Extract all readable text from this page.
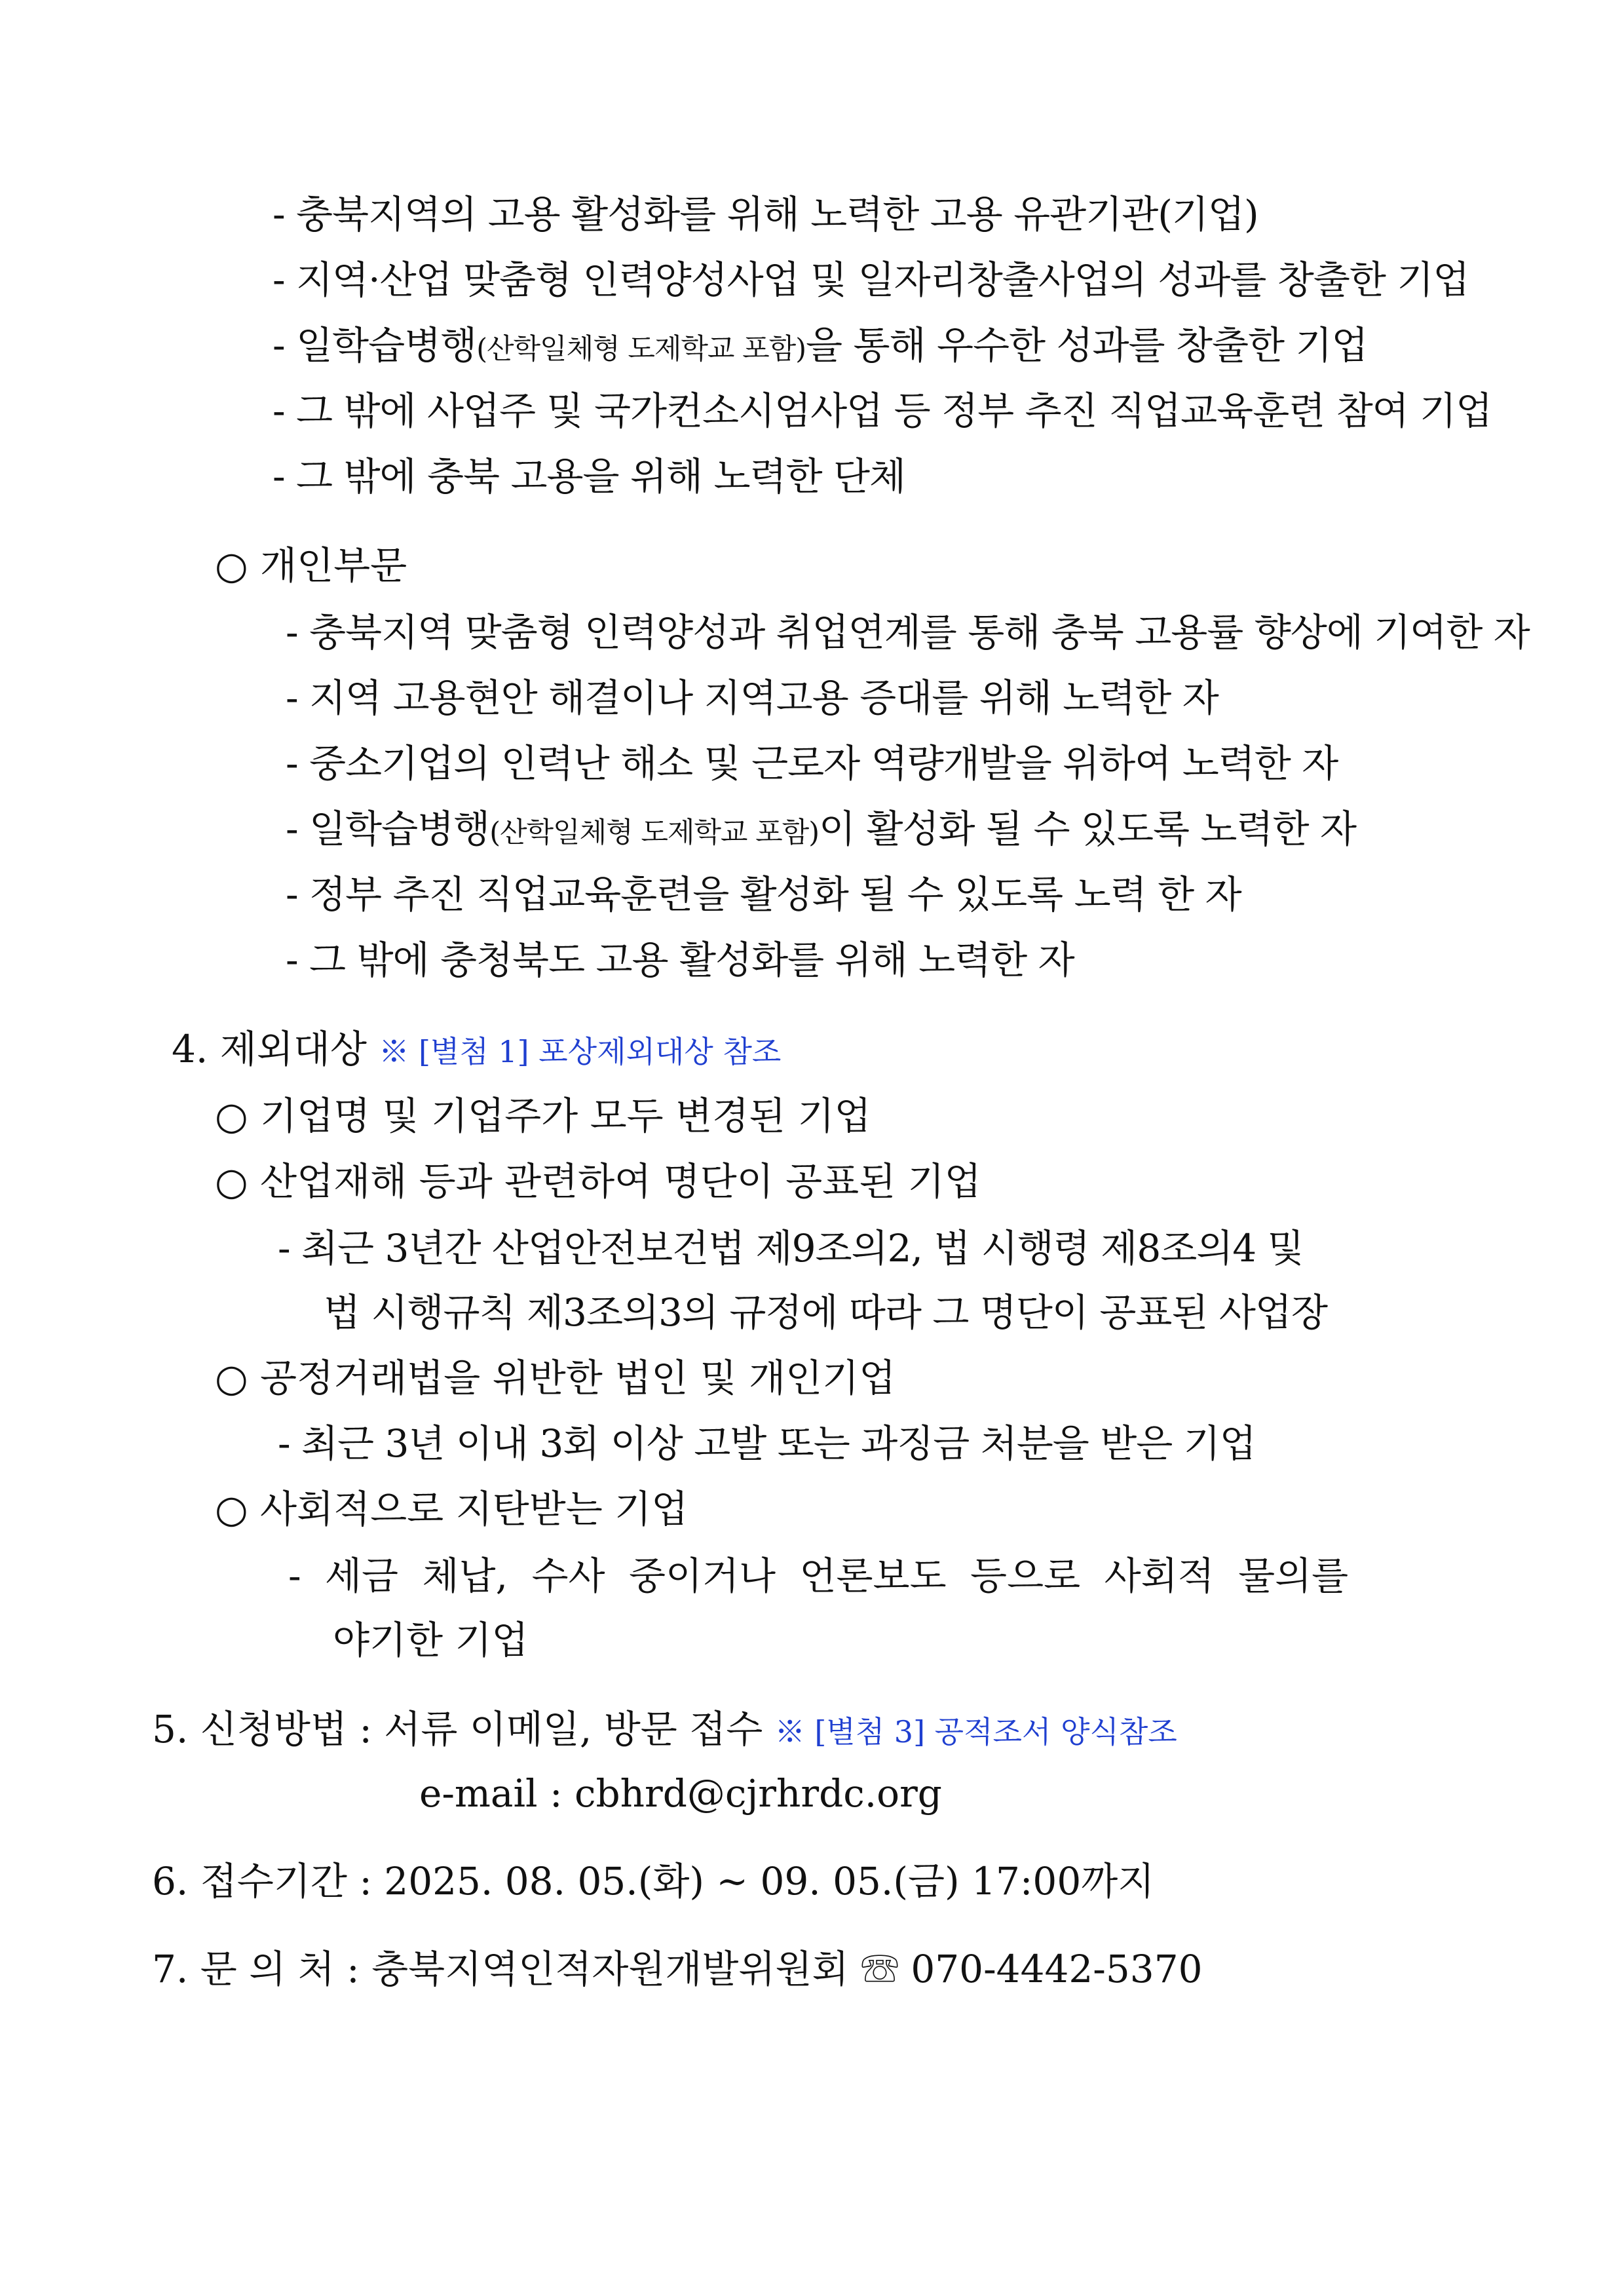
- 충북지역의 고용 활성화를 위해 노력한 고용 유관기관(기업)
- 지역·산업 맞춤형 인력양성사업 및 일자리창출사업의 성과를 창출한 기업
- 일학습병행(산학일체형 도제학교 포함)을 통해 우수한 성과를 창출한 기업
- 그 밖에 사업주 및 국가컨소시엄사업 등 정부 추진 직업교육훈련 참여 기업
- 그 밖에 충북 고용을 위해 노력한 단체
○ 개인부문
- 충북지역 맞춤형 인력양성과 취업연계를 통해 충북 고용률 향상에 기여한 자
- 지역 고용현안 해결이나 지역고용 증대를 위해 노력한 자
- 중소기업의 인력난 해소 및 근로자 역량개발을 위하여 노력한 자
- 일학습병행(산학일체형 도제학교 포함)이 활성화 될 수 있도록 노력한 자
- 정부 추진 직업교육훈련을 활성화 될 수 있도록 노력 한 자
- 그 밖에 충청북도 고용 활성화를 위해 노력한 자
4. 제외대상 ※ [별첨 1] 포상제외대상 참조
○ 기업명 및 기업주가 모두 변경된 기업
○ 산업재해 등과 관련하여 명단이 공표된 기업
- 최근 3년간 산업안전보건법 제9조의2, 법 시행령 제8조의4 및
법 시행규칙 제3조의3의 규정에 따라 그 명단이 공표된 사업장
○ 공정거래법을 위반한 법인 및 개인기업
- 최근 3년 이내 3회 이상 고발 또는 과징금 처분을 받은 기업
○ 사회적으로 지탄받는 기업
- 세금 체납, 수사 중이거나 언론보도 등으로 사회적 물의를
야기한 기업
5. 신청방법 : 서류 이메일, 방문 접수 ※ [별첨 3] 공적조서 양식참조
e-mail : cbhrd@cjrhrdc.org
6. 접수기간 : 2025. 08. 05.(화) ~ 09. 05.(금) 17:00까지
7. 문 의 처 : 충북지역인적자원개발위원회 ☏ 070-4442-5370
